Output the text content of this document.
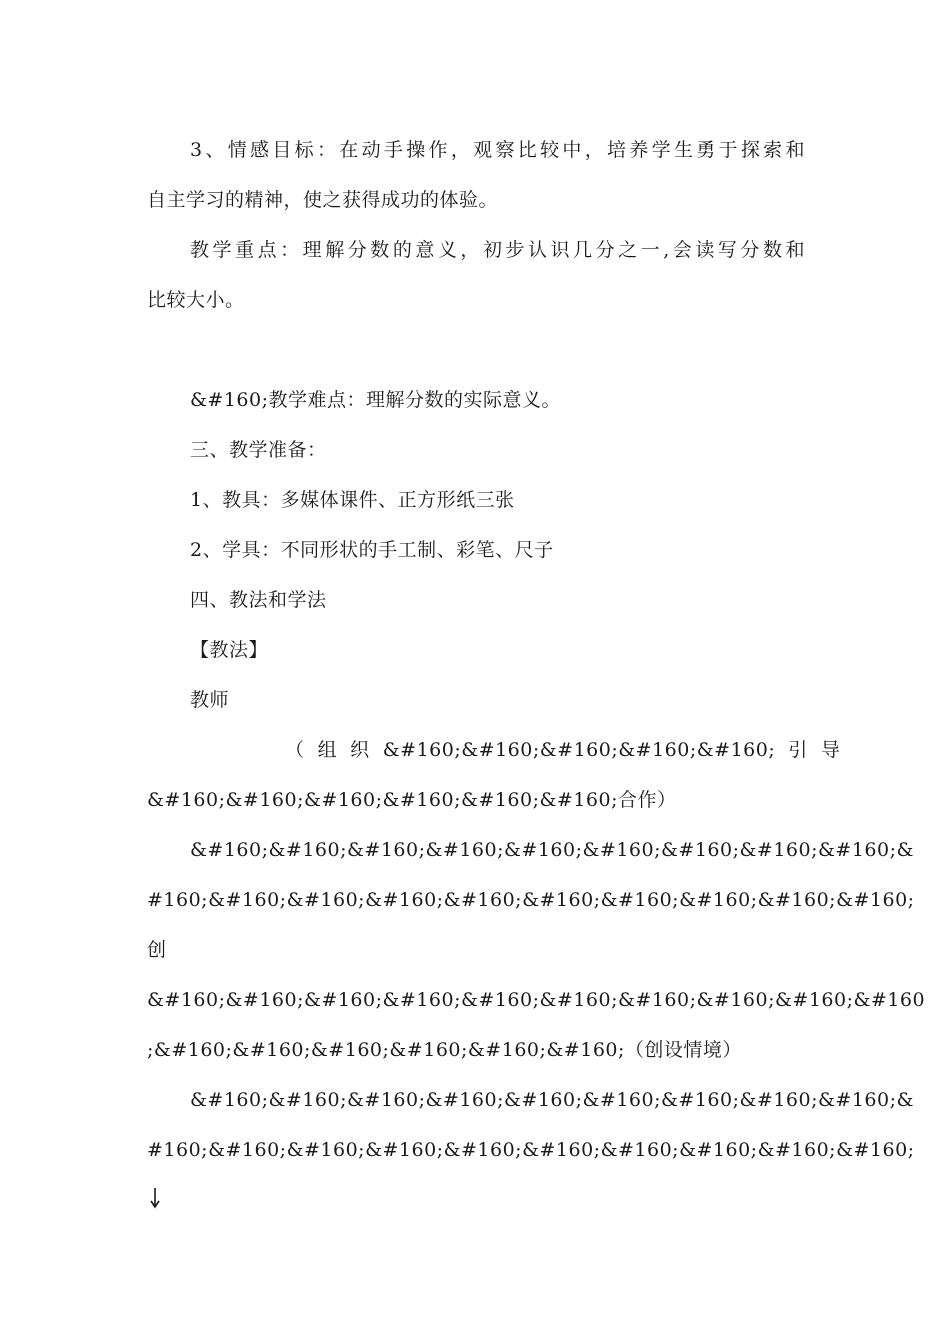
3、情感目标：在动手操作，观察比较中，培养学生勇于探索和
自主学习的精神，使之获得成功的体验。
教学重点：理解分数的意义，初步认识几分之一,会读写分数和
比较大小。
&#160;教学难点：理解分数的实际意义。
三、教学准备：
1、教具：多媒体课件、正方形纸三张
2、学具：不同形状的手工制、彩笔、尺子
四、教法和学法
【教法】
教师
（  组  织  &#160;&#160;&#160;&#160;&#160;  引  导
&#160;&#160;&#160;&#160;&#160;&#160;合作）
&#160;&#160;&#160;&#160;&#160;&#160;&#160;&#160;&#160;&
#160;&#160;&#160;&#160;&#160;&#160;&#160;&#160;&#160;&#160;
创
&#160;&#160;&#160;&#160;&#160;&#160;&#160;&#160;&#160;&#160
;&#160;&#160;&#160;&#160;&#160;&#160;（创设情境）
&#160;&#160;&#160;&#160;&#160;&#160;&#160;&#160;&#160;&
#160;&#160;&#160;&#160;&#160;&#160;&#160;&#160;&#160;&#160;
